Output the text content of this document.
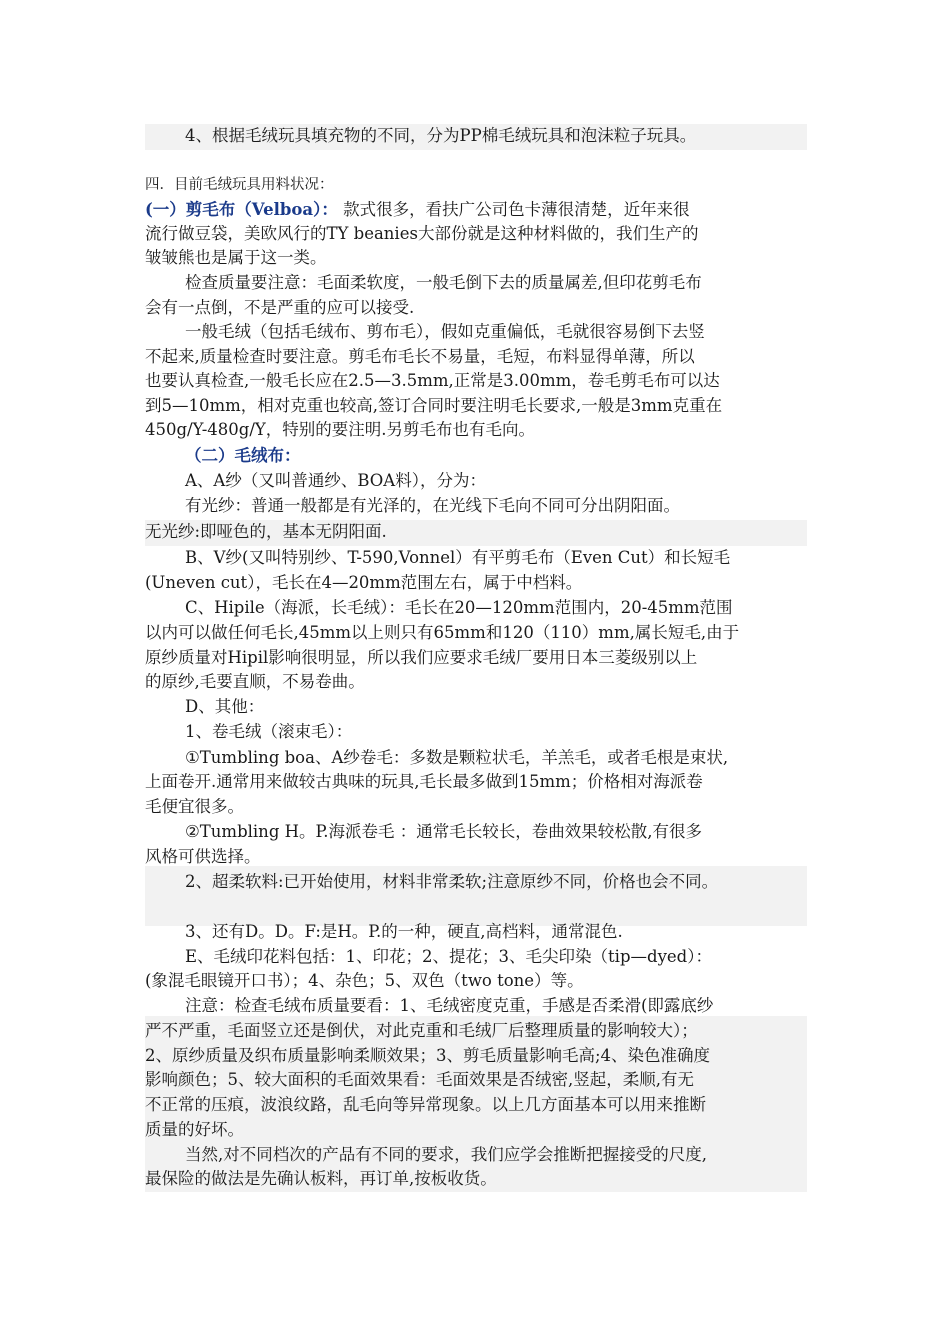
4、根据毛绒玩具填充物的不同，分为PP棉毛绒玩具和泡沫粒子玩具。
四．目前毛绒玩具用料状况：
(一）剪毛布（Velboa）： 款式很多，看扶广公司色卡薄很清楚，近年来很
流行做豆袋，美欧风行的TY beanies大部份就是这种材料做的，我们生产的
皱皱熊也是属于这一类。
检查质量要注意：毛面柔软度，一般毛倒下去的质量属差,但印花剪毛布
会有一点倒，不是严重的应可以接受.
一般毛绒（包括毛绒布、剪布毛），假如克重偏低，毛就很容易倒下去竖
不起来,质量检查时要注意。剪毛布毛长不易量，毛短，布料显得单薄，所以
也要认真检查,一般毛长应在2.5—3.5mm,正常是3.00mm，卷毛剪毛布可以达
到5—10mm，相对克重也较高,签订合同时要注明毛长要求,一般是3mm克重在
450g/Y-480g/Y，特别的要注明.另剪毛布也有毛向。
（二）毛绒布：
A、A纱（又叫普通纱、BOA料），分为：
有光纱：普通一般都是有光泽的，在光线下毛向不同可分出阴阳面。
无光纱:即哑色的，基本无阴阳面.
B、V纱(又叫特别纱、T-590,Vonnel）有平剪毛布（Even Cut）和长短毛
(Uneven cut），毛长在4—20mm范围左右，属于中档料。
C、Hipile（海派，长毛绒）：毛长在20—120mm范围内，20-45mm范围
以内可以做任何毛长,45mm以上则只有65mm和120（110）mm,属长短毛,由于
原纱质量对Hipil影响很明显，所以我们应要求毛绒厂要用日本三菱级别以上
的原纱,毛要直顺，不易卷曲。
D、其他：
1、卷毛绒（滚束毛）：
①Tumbling boa、A纱卷毛：多数是颗粒状毛，羊羔毛，或者毛根是束状,
上面卷开.通常用来做较古典味的玩具,毛长最多做到15mm；价格相对海派卷
毛便宜很多。
②Tumbling H。P.海派卷毛 ：通常毛长较长，卷曲效果较松散,有很多
风格可供选择。
2、超柔软料:已开始使用，材料非常柔软;注意原纱不同，价格也会不同。
3、还有D。D。F:是H。P.的一种，硬直,高档料，通常混色.
E、毛绒印花料包括：1、印花；2、提花；3、毛尖印染（tip—dyed）：
(象混毛眼镜开口书）；4、杂色；5、双色（two tone）等。
注意：检查毛绒布质量要看：1、毛绒密度克重，手感是否柔滑(即露底纱
严不严重，毛面竖立还是倒伏，对此克重和毛绒厂后整理质量的影响较大）；
2、原纱质量及织布质量影响柔顺效果；3、剪毛质量影响毛高;4、染色准确度
影响颜色；5、较大面积的毛面效果看：毛面效果是否绒密,竖起，柔顺,有无
不正常的压痕，波浪纹路，乱毛向等异常现象。以上几方面基本可以用来推断
质量的好坏。
当然,对不同档次的产品有不同的要求，我们应学会推断把握接受的尺度,
最保险的做法是先确认板料，再订单,按板收货。
